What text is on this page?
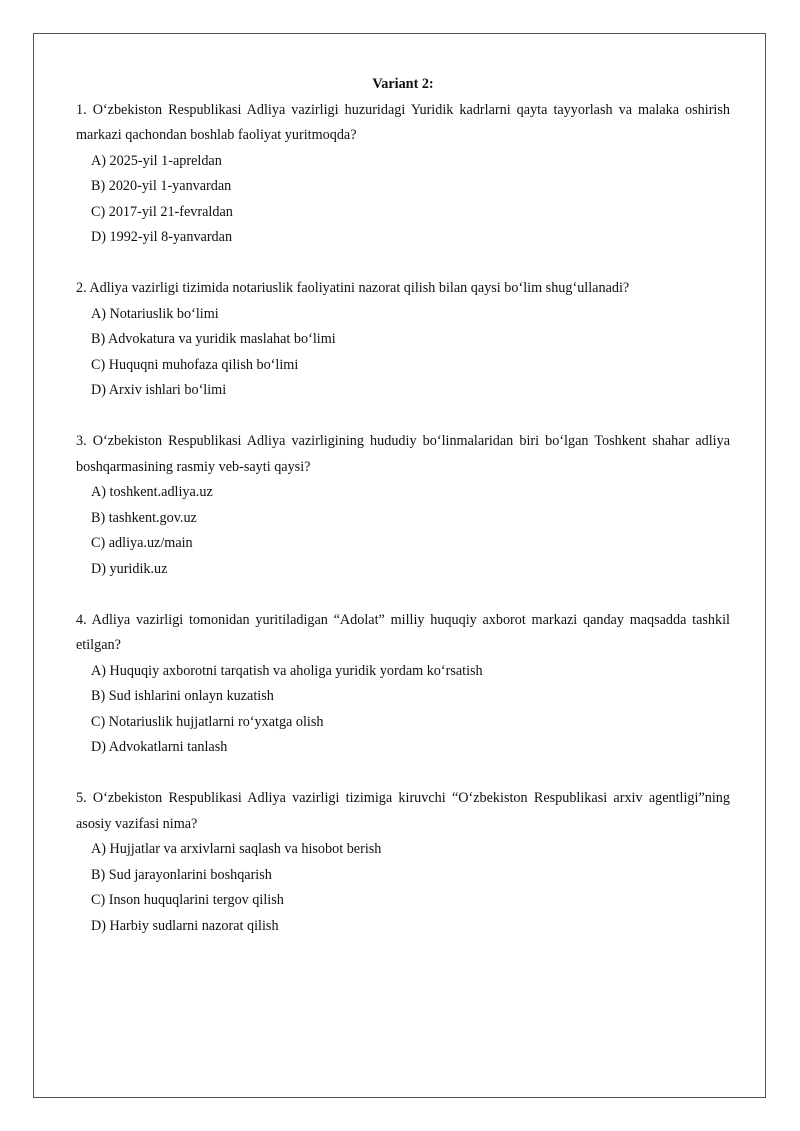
Variant 2:

1. O‘zbekiston Respublikasi Adliya vazirligi huzuridagi Yuridik kadrlarni qayta tayyorlash va malaka oshirish markazi qachondan boshlab faoliyat yuritmoqda?

A) 2025-yil 1-apreldan

B) 2020-yil 1-yanvardan

C) 2017-yil 21-fevraldan

D) 1992-yil 8-yanvardan

2. Adliya vazirligi tizimida notariuslik faoliyatini nazorat qilish bilan qaysi bo‘lim shug‘ullanadi?

A) Notariuslik bo‘limi

B) Advokatura va yuridik maslahat bo‘limi

C) Huquqni muhofaza qilish bo‘limi

D) Arxiv ishlari bo‘limi

3. O‘zbekiston Respublikasi Adliya vazirligining hududiy bo‘linmalaridan biri bo‘lgan Toshkent shahar adliya boshqarmasining rasmiy veb-sayti qaysi?

A) toshkent.adliya.uz

B) tashkent.gov.uz

C) adliya.uz/main

D) yuridik.uz

4. Adliya vazirligi tomonidan yuritiladigan “Adolat” milliy huquqiy axborot markazi qanday maqsadda tashkil etilgan?

A) Huquqiy axborotni tarqatish va aholiga yuridik yordam ko‘rsatish

B) Sud ishlarini onlayn kuzatish

C) Notariuslik hujjatlarni ro‘yxatga olish

D) Advokatlarni tanlash

5. O‘zbekiston Respublikasi Adliya vazirligi tizimiga kiruvchi “O‘zbekiston Respublikasi arxiv agentligi”ning asosiy vazifasi nima?

A) Hujjatlar va arxivlarni saqlash va hisobot berish

B) Sud jarayonlarini boshqarish

C) Inson huquqlarini tergov qilish

D) Harbiy sudlarni nazorat qilish
